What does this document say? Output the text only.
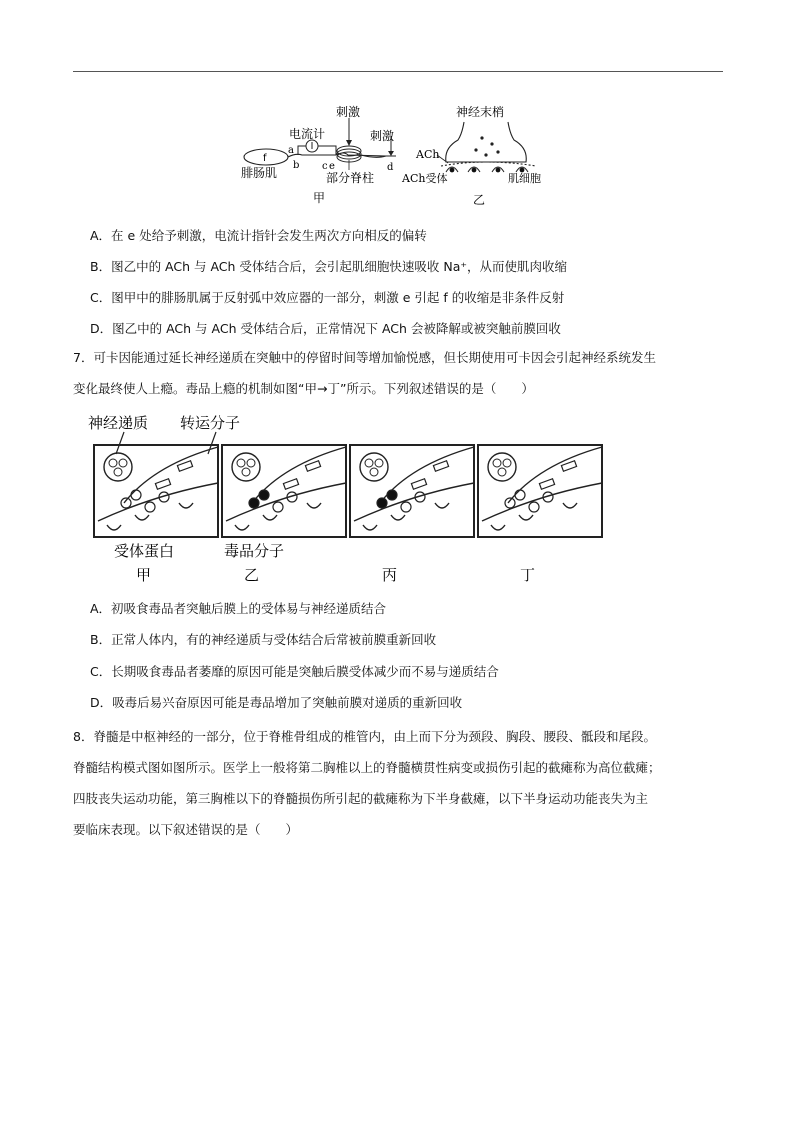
f
电流计
a
b
刺激
c e
刺激
d
腓肠肌	部分脊柱
甲
神经末梢
ACh
ACh受体	肌细胞
乙
A．在 e 处给予刺激，电流计指针会发生两次方向相反的偏转
B．图乙中的 ACh 与 ACh 受体结合后，会引起肌细胞快速吸收 Na⁺，从而使肌肉收缩
C．图甲中的腓肠肌属于反射弧中效应器的一部分，刺激 e 引起 f 的收缩是非条件反射
D．图乙中的 ACh 与 ACh 受体结合后，正常情况下 ACh 会被降解或被突触前膜回收
7．可卡因能通过延长神经递质在突触中的停留时间等增加愉悦感，但长期使用可卡因会引起神经系统发生
变化最终使人上瘾。毒品上瘾的机制如图“甲→丁”所示。下列叙述错误的是（　　）
神经递质 转运分子
受体蛋白	毒品分子
甲	乙	丙	丁
A．初吸食毒品者突触后膜上的受体易与神经递质结合
B．正常人体内，有的神经递质与受体结合后常被前膜重新回收
C．长期吸食毒品者萎靡的原因可能是突触后膜受体减少而不易与递质结合
D．吸毒后易兴奋原因可能是毒品增加了突触前膜对递质的重新回收
8．脊髓是中枢神经的一部分，位于脊椎骨组成的椎管内，由上而下分为颈段、胸段、腰段、骶段和尾段。
脊髓结构模式图如图所示。医学上一般将第二胸椎以上的脊髓横贯性病变或损伤引起的截瘫称为高位截瘫；
四肢丧失运动功能，第三胸椎以下的脊髓损伤所引起的截瘫称为下半身截瘫，以下半身运动功能丧失为主
要临床表现。以下叙述错误的是（　　）
